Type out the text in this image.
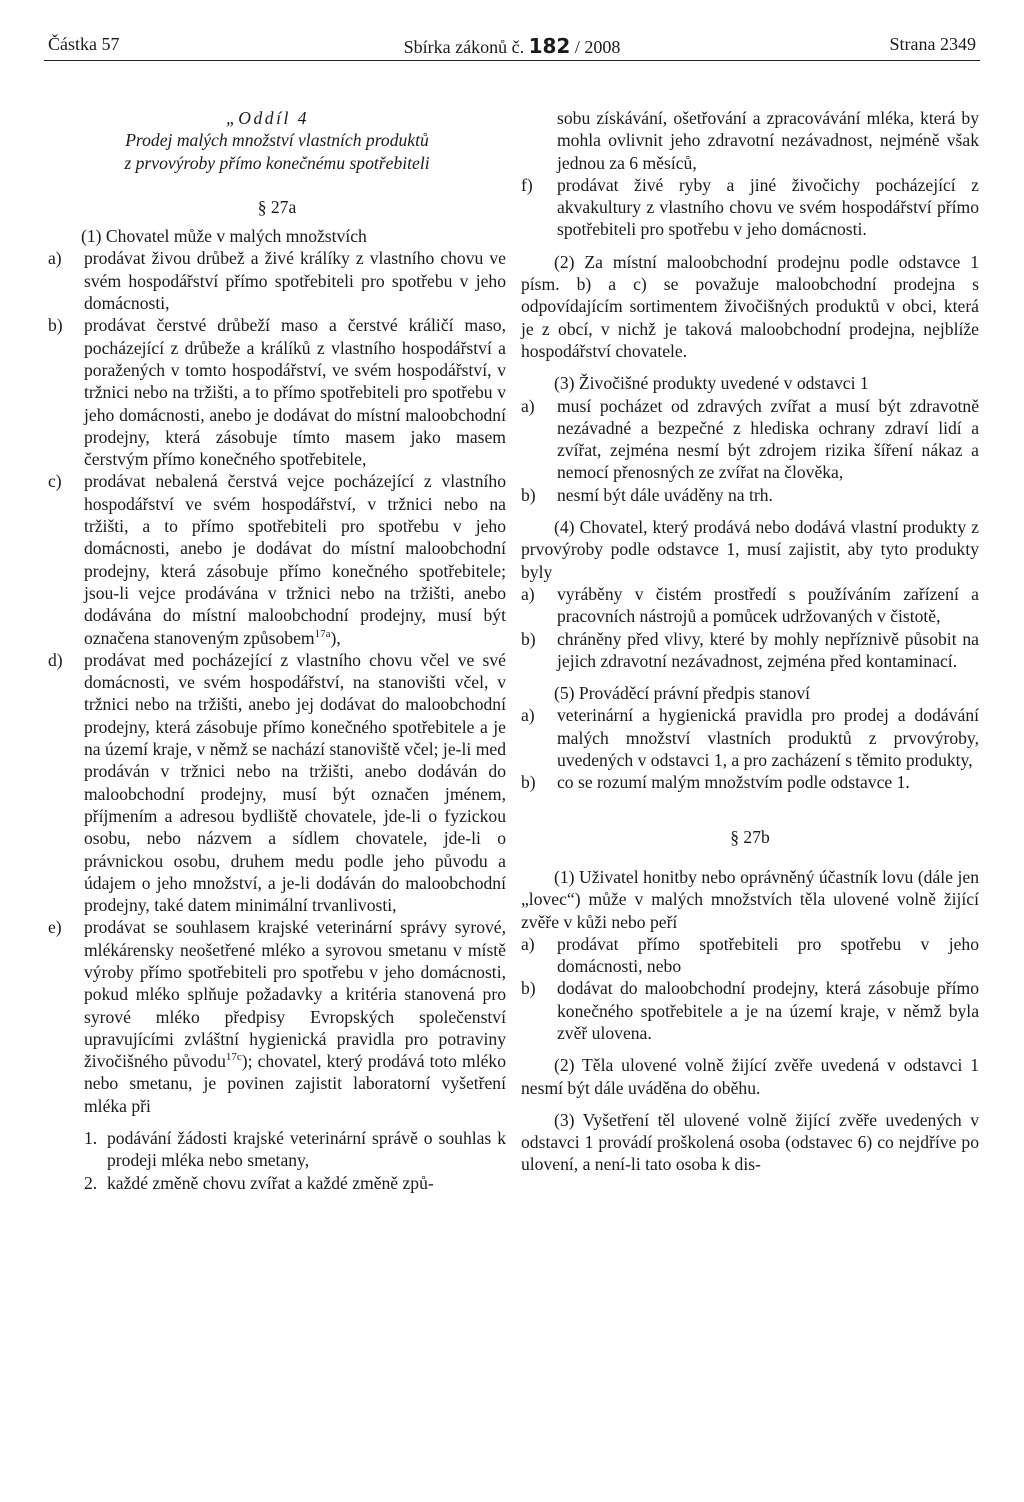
Částka 57	Sbírka zákonů č. 182 / 2008	Strana 2349

„Oddíl 4

Prodej malých množství vlastních produktů

z prvovýroby přímo konečnému spotřebiteli

§ 27a

(1) Chovatel může v malých množstvích

a)	prodávat živou drůbež a živé králíky z vlastního chovu ve svém hospodářství přímo spotřebiteli pro spotřebu v jeho domácnosti,

b)	prodávat čerstvé drůbeží maso a čerstvé králičí maso, pocházející z drůbeže a králíků z vlastního hospodářství a poražených v tomto hospodářství, ve svém hospodářství, v tržnici nebo na tržišti, a to přímo spotřebiteli pro spotřebu v jeho domácnosti, anebo je dodávat do místní maloobchodní prodejny, která zásobuje tímto masem jako masem čerstvým přímo konečného spotřebitele,

c)	prodávat nebalená čerstvá vejce pocházející z vlastního hospodářství ve svém hospodářství, v tržnici nebo na tržišti, a to přímo spotřebiteli pro spotřebu v jeho domácnosti, anebo je dodávat do místní maloobchodní prodejny, která zásobuje přímo konečného spotřebitele; jsou-li vejce prodávána v tržnici nebo na tržišti, anebo dodávána do místní maloobchodní prodejny, musí být označena stanoveným způsobem$^{17a}$),

d)	prodávat med pocházející z vlastního chovu včel ve své domácnosti, ve svém hospodářství, na stanovišti včel, v tržnici nebo na tržišti, anebo jej dodávat do maloobchodní prodejny, která zásobuje přímo konečného spotřebitele a je na území kraje, v němž se nachází stanoviště včel; je-li med prodáván v tržnici nebo na tržišti, anebo dodáván do maloobchodní prodejny, musí být označen jménem, příjmením a adresou bydliště chovatele, jde-li o fyzickou osobu, nebo názvem a sídlem chovatele, jde-li o právnickou osobu, druhem medu podle jeho původu a údajem o jeho množství, a je-li dodáván do maloobchodní prodejny, také datem minimální trvanlivosti,

e)	prodávat se souhlasem krajské veterinární správy syrové, mlékárensky neošetřené mléko a syrovou smetanu v místě výroby přímo spotřebiteli pro spotřebu v jeho domácnosti, pokud mléko splňuje požadavky a kritéria stanovená pro syrové mléko předpisy Evropských společenství upravujícími zvláštní hygienická pravidla pro potraviny živočišného původu$^{17c}$); chovatel, který prodává toto mléko nebo smetanu, je povinen zajistit laboratorní vyšetření mléka při

1. podávání žádosti krajské veterinární správě o souhlas k prodeji mléka nebo smetany,

2. každé změně chovu zvířat a každé změně způ-

sobu získávání, ošetřování a zpracovávání mléka, která by mohla ovlivnit jeho zdravotní nezávadnost, nejméně však jednou za 6 měsíců,

f)	prodávat živé ryby a jiné živočichy pocházející z akvakultury z vlastního chovu ve svém hospodářství přímo spotřebiteli pro spotřebu v jeho domácnosti.

(2) Za místní maloobchodní prodejnu podle odstavce 1 písm. b) a c) se považuje maloobchodní prodejna s odpovídajícím sortimentem živočišných produktů v obci, která je z obcí, v nichž je taková maloobchodní prodejna, nejblíže hospodářství chovatele.

(3) Živočišné produkty uvedené v odstavci 1

a)	musí pocházet od zdravých zvířat a musí být zdravotně nezávadné a bezpečné z hlediska ochrany zdraví lidí a zvířat, zejména nesmí být zdrojem rizika šíření nákaz a nemocí přenosných ze zvířat na člověka,

b)	nesmí být dále uváděny na trh.

(4) Chovatel, který prodává nebo dodává vlastní produkty z prvovýroby podle odstavce 1, musí zajistit, aby tyto produkty byly

a)	vyráběny v čistém prostředí s používáním zařízení a pracovních nástrojů a pomůcek udržovaných v čistotě,

b)	chráněny před vlivy, které by mohly nepříznivě působit na jejich zdravotní nezávadnost, zejména před kontaminací.

(5) Prováděcí právní předpis stanoví

a)	veterinární a hygienická pravidla pro prodej a dodávání malých množství vlastních produktů z prvovýroby, uvedených v odstavci 1, a pro zacházení s těmito produkty,

b)	co se rozumí malým množstvím podle odstavce 1.

§ 27b

(1) Uživatel honitby nebo oprávněný účastník lovu (dále jen „lovec“) může v malých množstvích těla ulovené volně žijící zvěře v kůži nebo peří

a)	prodávat přímo spotřebiteli pro spotřebu v jeho domácnosti, nebo

b)	dodávat do maloobchodní prodejny, která zásobuje přímo konečného spotřebitele a je na území kraje, v němž byla zvěř ulovena.

(2) Těla ulovené volně žijící zvěře uvedená v odstavci 1 nesmí být dále uváděna do oběhu.

(3) Vyšetření těl ulovené volně žijící zvěře uvedených v odstavci 1 provádí proškolená osoba (odstavec 6) co nejdříve po ulovení, a není-li tato osoba k dis-
